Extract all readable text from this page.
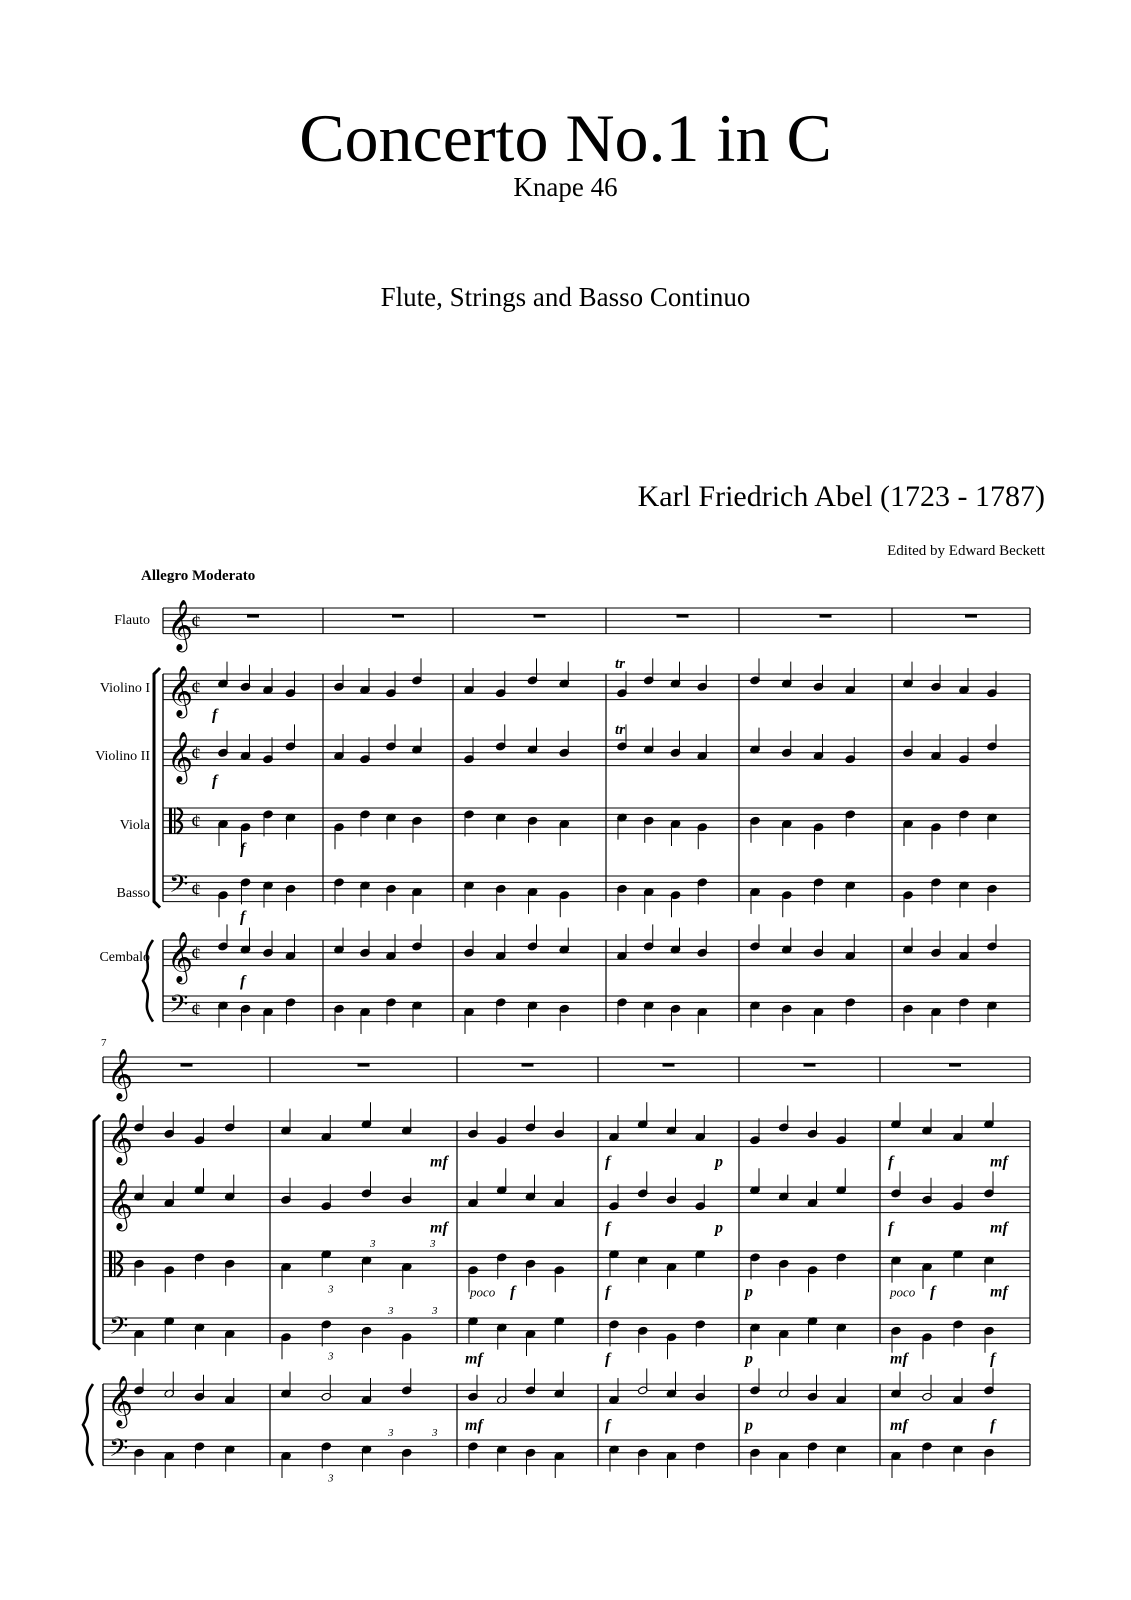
Concerto No.1 in C
Knape 46
Flute, Strings and Basso Continuo
Karl Friedrich Abel (1723 - 1787)
Edited by Edward Beckett
Allegro Moderato
Flauto
Violino I
Violino II
Viola
Basso
Cembalo
7
𝄞
¢
𝄞
¢
𝄞
¢
¢
𝄢 ¢
𝄞
¢
𝄢 ¢
f
f
f
f
f
tr
tr
𝄞
𝄞
𝄞
𝄢
𝄞
𝄢
mf
mf
f	p	f	mf
f	p	f	mf
f	f	p	f	mf
mf	f	p	mf	f
mf	f	p	mf	f
poco	poco
3	3
3	3
3
3
3
3	3
